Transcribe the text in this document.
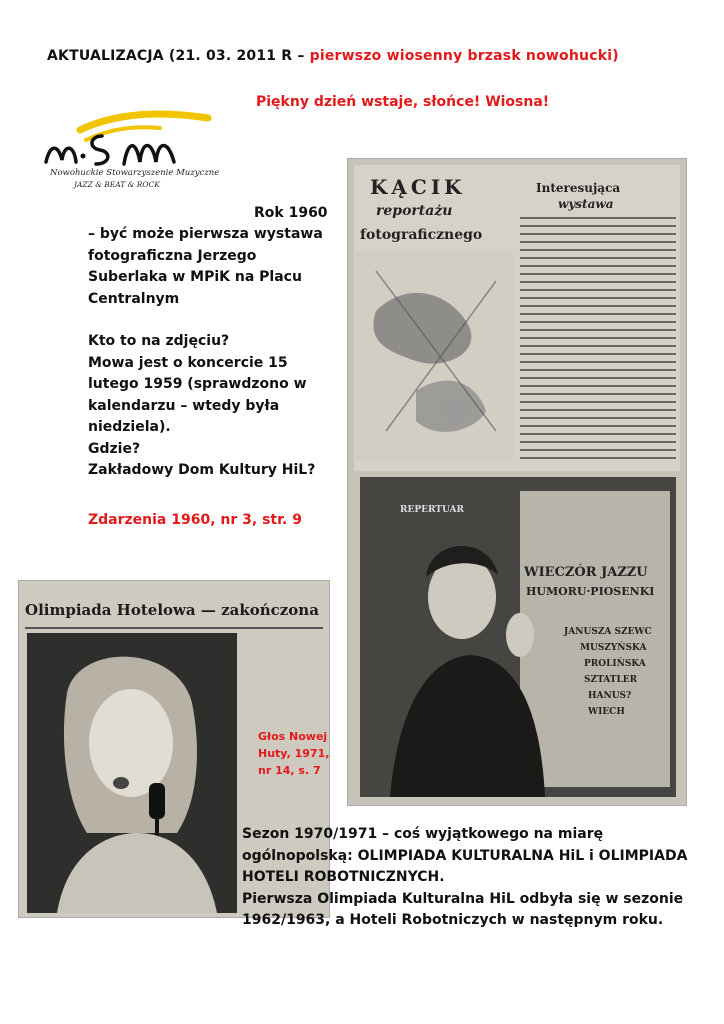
AKTUALIZACJA (21. 03. 2011 R – pierwszo wiosenny brzask nowohucki)
Piękny dzień wstaje, słońce! Wiosna!
Nowohuckie Stowarzyszenie Muzyczne
JAZZ & BEAT & ROCK
Rok 1960
– być może pierwsza wystawa fotograficzna Jerzego Suberlaka w MPiK na Placu Centralnym
Kto to na zdjęciu?
Mowa jest o koncercie 15 lutego 1959 (sprawdzono w kalendarzu – wtedy była niedziela).
Gdzie?
Zakładowy Dom Kultury HiL?
Zdarzenia 1960, nr 3, str. 9
KĄCIK
reportażu
fotograficznego
Interesująca
wystawa
REPERTUAR
WIECZÓR JAZZU
HUMORU·PIOSENKI
JANUSZA SZEWC
MUSZYŃSKA
PROLIŃSKA
SZTATLER
HANUS?
WIECH
Olimpiada Hotelowa — zakończona
Głos Nowej Huty, 1971, nr 14, s. 7
Sezon 1970/1971 – coś wyjątkowego na miarę ogólnopolską: OLIMPIADA KULTURALNA HiL i OLIMPIADA HOTELI ROBOTNICZNYCH.
Pierwsza Olimpiada Kulturalna HiL odbyła się w sezonie 1962/1963, a Hoteli Robotniczych w następnym roku.
